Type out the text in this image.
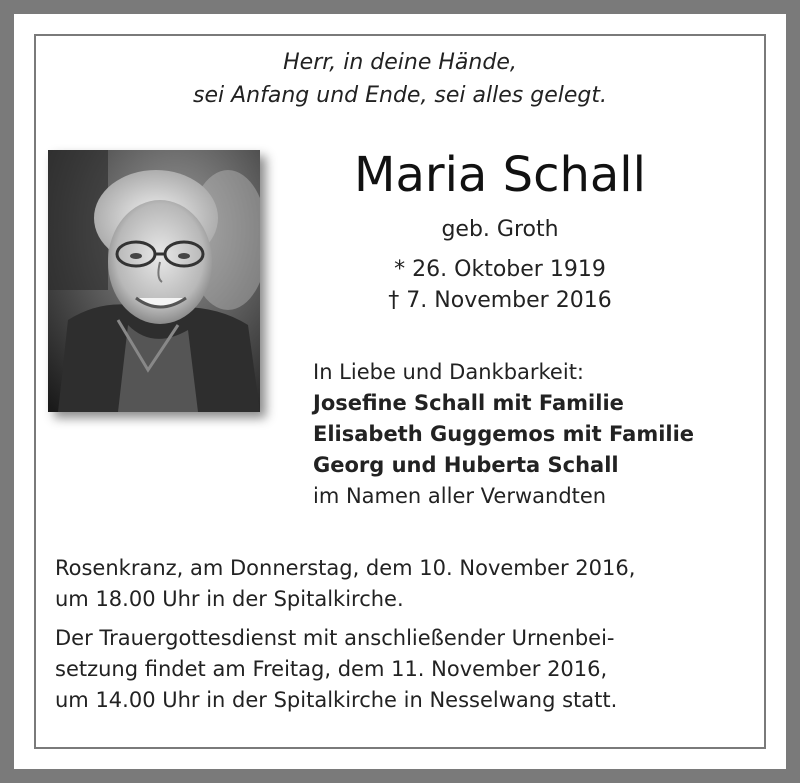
Herr, in deine Hände,
sei Anfang und Ende, sei alles gelegt.
Maria Schall
geb. Groth
* 26. Oktober 1919
† 7. November 2016
In Liebe und Dankbarkeit:
Josefine Schall mit Familie
Elisabeth Guggemos mit Familie
Georg und Huberta Schall
im Namen aller Verwandten
Rosenkranz, am Donnerstag, dem 10. November 2016,
um 18.00 Uhr in der Spitalkirche.
Der Trauergottesdienst mit anschließender Urnenbei-
setzung findet am Freitag, dem 11. November 2016,
um 14.00 Uhr in der Spitalkirche in Nesselwang statt.
